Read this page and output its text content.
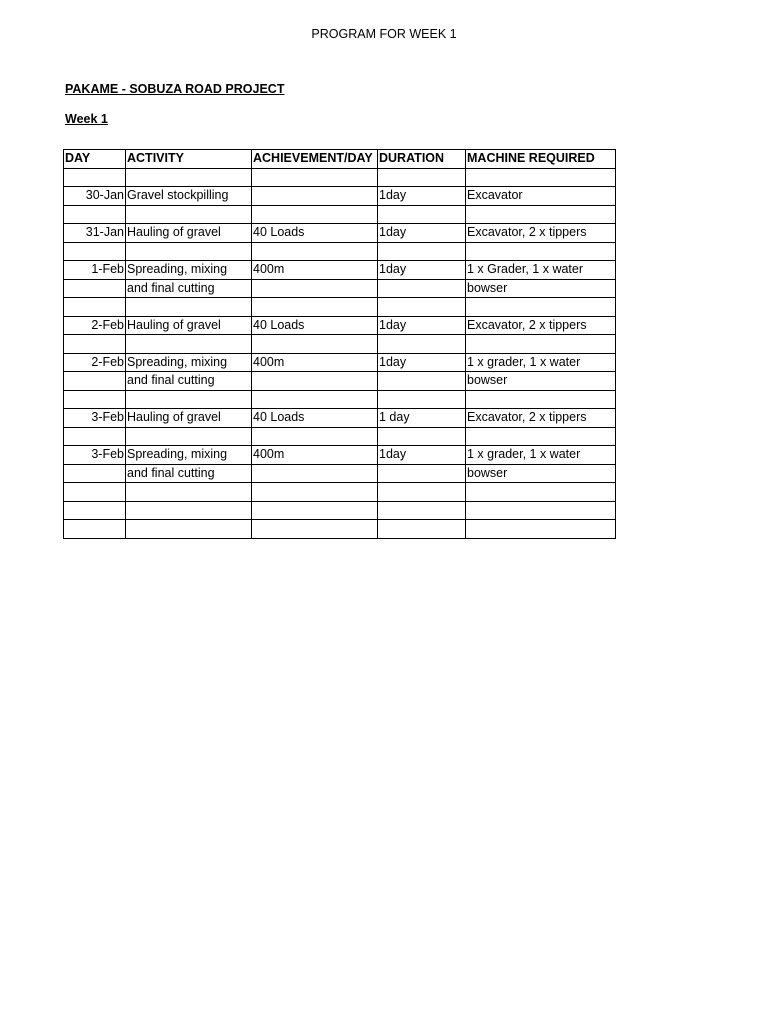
PROGRAM FOR WEEK 1
PAKAME - SOBUZA ROAD PROJECT
Week 1
DAY	ACTIVITY	ACHIEVEMENT/DAY	DURATION	MACHINE REQUIRED

30-Jan	Gravel stockpilling		1day	Excavator

31-Jan	Hauling of gravel	40 Loads	1day	Excavator, 2 x tippers

1-Feb	Spreading, mixing	400m	1day	1 x Grader, 1 x water
	and final cutting			bowser

2-Feb	Hauling of gravel	40 Loads	1day	Excavator, 2 x tippers

2-Feb	Spreading, mixing	400m	1day	1 x grader, 1 x water
	and final cutting			bowser

3-Feb	Hauling of gravel	40 Loads	1 day	Excavator, 2 x tippers

3-Feb	Spreading, mixing	400m	1day	1 x grader, 1 x water
	and final cutting			bowser
